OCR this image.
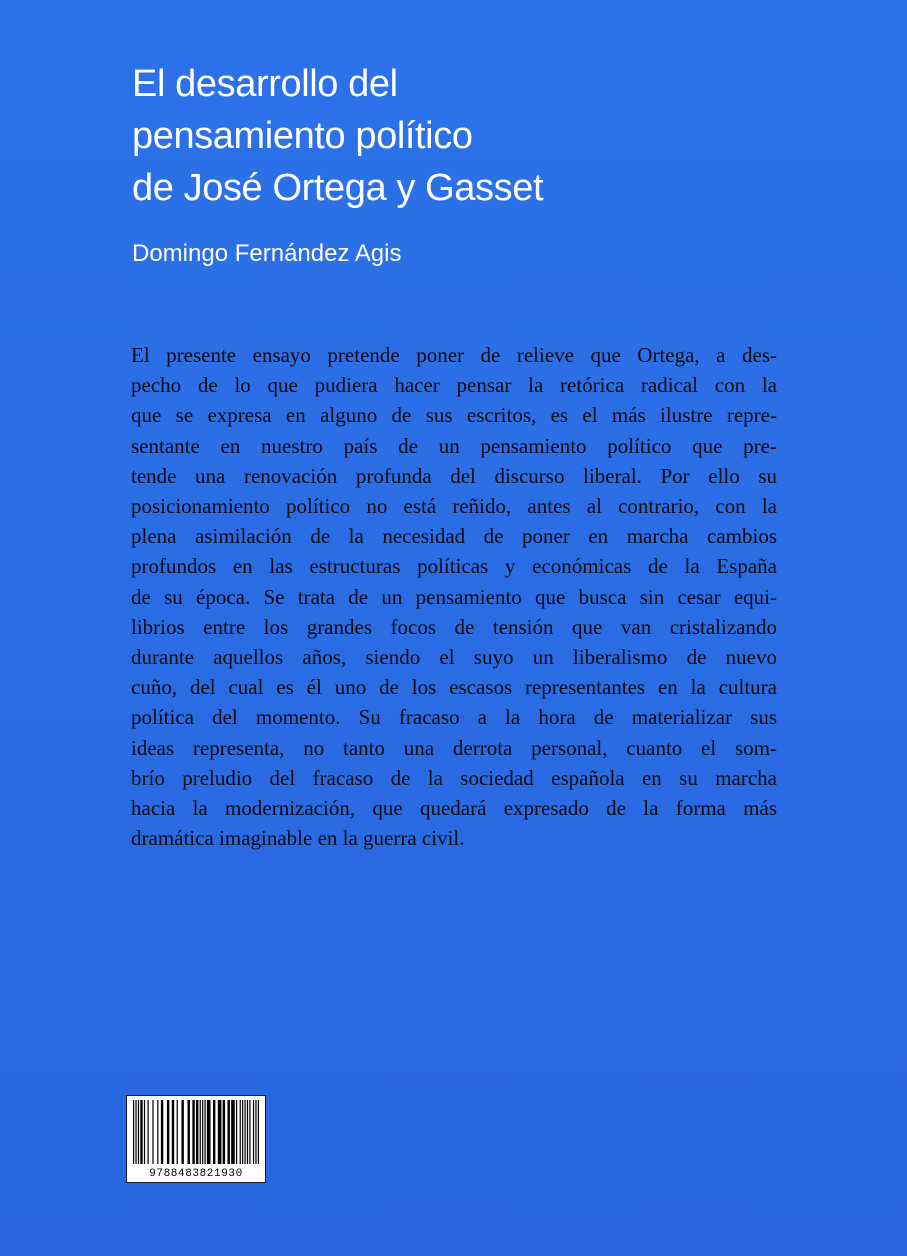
El desarrollo del
pensamiento político
de José Ortega y Gasset
Domingo Fernández Agis
El presente ensayo pretende poner de relieve que Ortega, a des-
pecho de lo que pudiera hacer pensar la retórica radical con la
que se expresa en alguno de sus escritos, es el más ilustre repre-
sentante en nuestro país de un pensamiento político que pre-
tende una renovación profunda del discurso liberal. Por ello su
posicionamiento político no está reñido, antes al contrario, con la
plena asimilación de la necesidad de poner en marcha cambios
profundos en las estructuras políticas y económicas de la España
de su época. Se trata de un pensamiento que busca sin cesar equi-
librios entre los grandes focos de tensión que van cristalizando
durante aquellos años, siendo el suyo un liberalismo de nuevo
cuño, del cual es él uno de los escasos representantes en la cultura
política del momento. Su fracaso a la hora de materializar sus
ideas representa, no tanto una derrota personal, cuanto el som-
brío preludio del fracaso de la sociedad española en su marcha
hacia la modernización, que quedará expresado de la forma más
dramática imaginable en la guerra civil.
9788483821930
